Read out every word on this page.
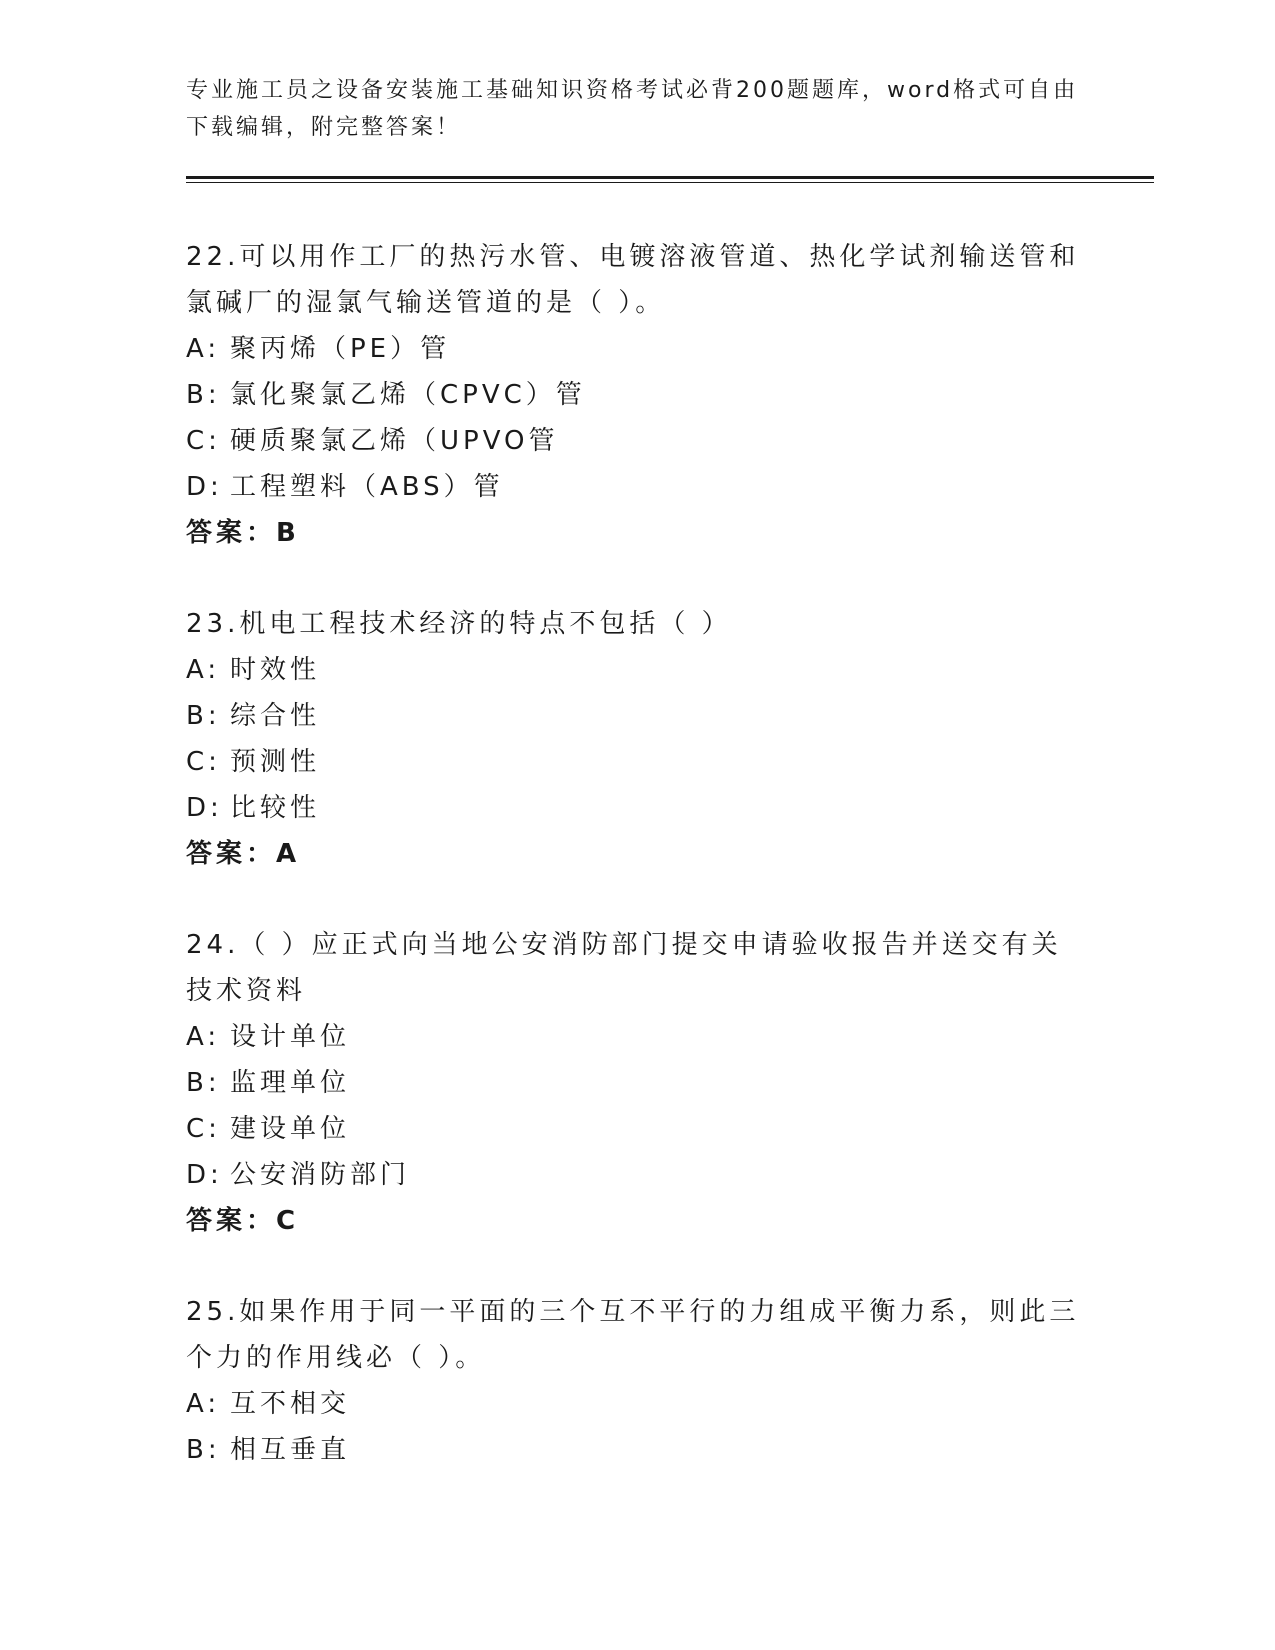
专业施工员之设备安装施工基础知识资格考试必背200题题库，word格式可自由下载编辑，附完整答案！
22.可以用作工厂的热污水管、电镀溶液管道、热化学试剂输送管和氯碱厂的湿氯气输送管道的是（ ）。
A: 聚丙烯（PE）管
B: 氯化聚氯乙烯（CPVC）管
C: 硬质聚氯乙烯（UPVO管
D: 工程塑料（ABS）管
答案：B
23.机电工程技术经济的特点不包括（ ）
A: 时效性
B: 综合性
C: 预测性
D: 比较性
答案：A
24.（ ）应正式向当地公安消防部门提交申请验收报告并送交有关技术资料
A: 设计单位
B: 监理单位
C: 建设单位
D: 公安消防部门
答案：C
25.如果作用于同一平面的三个互不平行的力组成平衡力系，则此三个力的作用线必（ ）。
A: 互不相交
B: 相互垂直
